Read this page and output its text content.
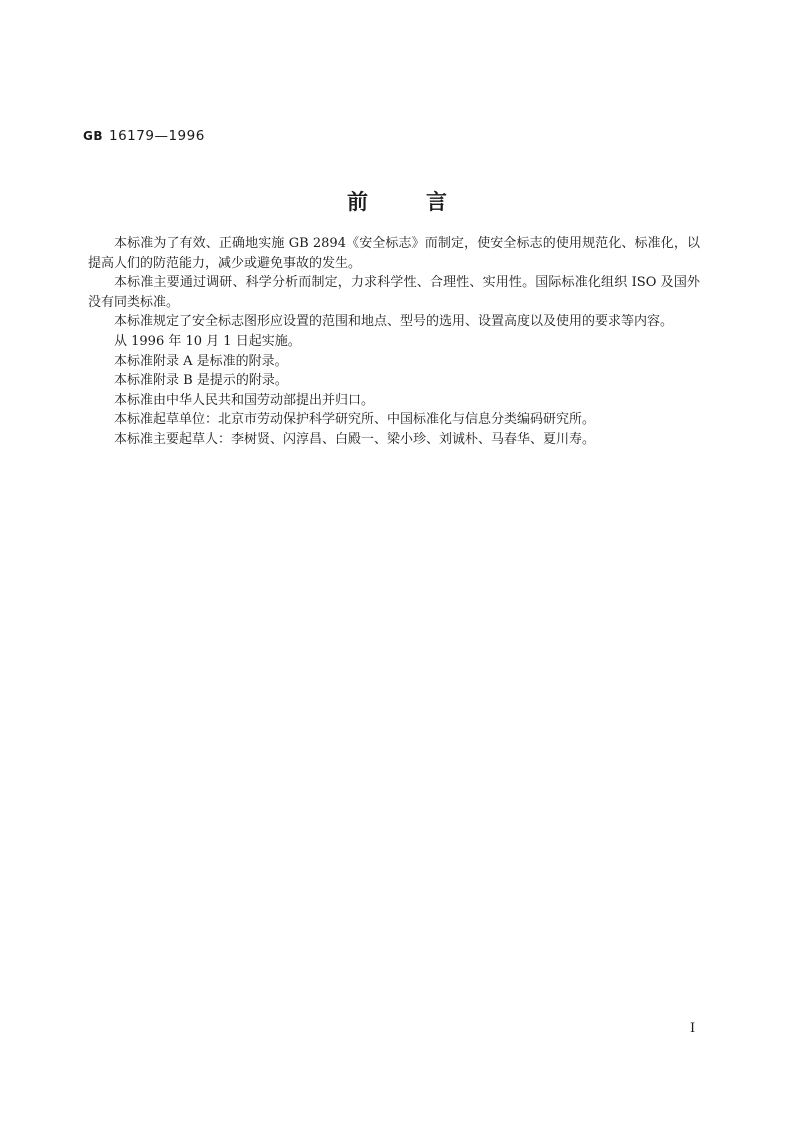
GB 16179—1996
前	言

本标准为了有效、正确地实施 GB 2894《安全标志》而制定，使安全标志的使用规范化、标准化，以提高人们的防范能力，减少或避免事故的发生。

本标准主要通过调研、科学分析而制定，力求科学性、合理性、实用性。国际标准化组织 ISO 及国外没有同类标准。

本标准规定了安全标志图形应设置的范围和地点、型号的选用、设置高度以及使用的要求等内容。

从 1996 年 10 月 1 日起实施。

本标准附录 A 是标准的附录。

本标准附录 B 是提示的附录。

本标准由中华人民共和国劳动部提出并归口。

本标准起草单位：北京市劳动保护科学研究所、中国标准化与信息分类编码研究所。

本标准主要起草人：李树贤、闪淳昌、白殿一、梁小珍、刘诚朴、马春华、夏川寿。

I
